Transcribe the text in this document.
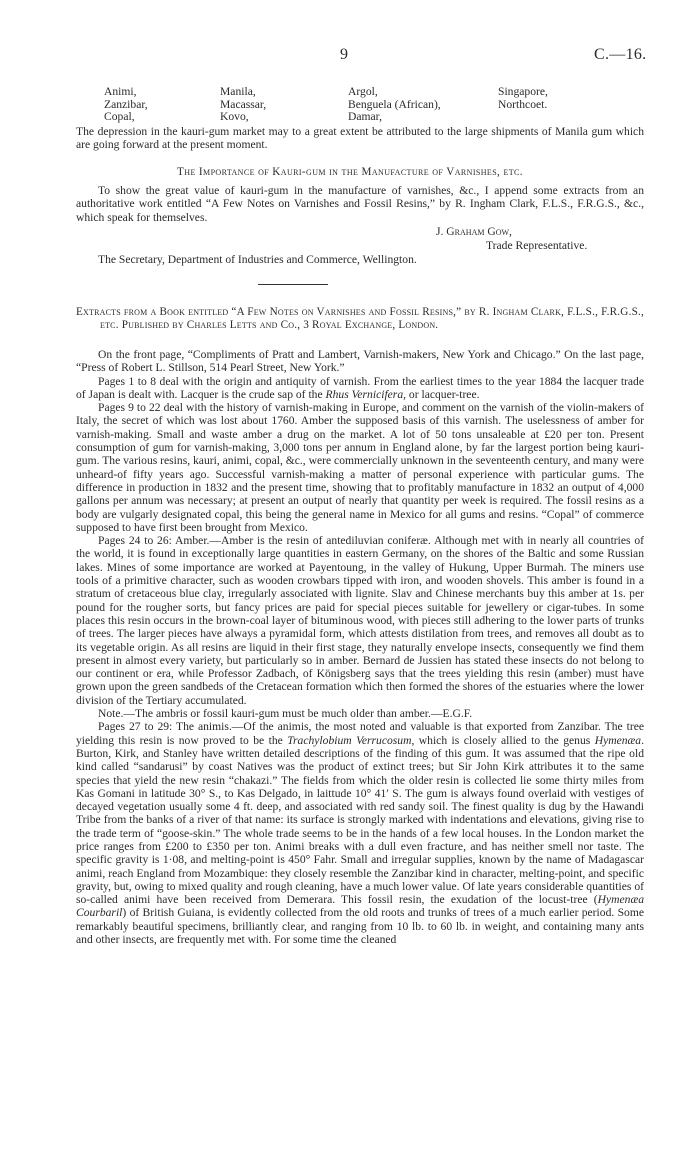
9	C.—16.
Animi,
Zanzibar,
Copal,
Manila,
Macassar,
Kovo,
Argol,
Benguela (African),
Damar,
Singapore,
Northcoet.

The depression in the kauri-gum market may to a great extent be attributed to the large shipments of Manila gum which are going forward at the present moment.

The Importance of Kauri-gum in the Manufacture of Varnishes, etc.

To show the great value of kauri-gum in the manufacture of varnishes, &c., I append some extracts from an authoritative work entitled “A Few Notes on Varnishes and Fossil Resins,” by R. Ingham Clark, F.L.S., F.R.G.S., &c., which speak for themselves.

J. Graham Gow,
Trade Representative.

The Secretary, Department of Industries and Commerce, Wellington.

Extracts from a Book entitled “A Few Notes on Varnishes and Fossil Resins,” by R. Ingham Clark, F.L.S., F.R.G.S., etc. Published by Charles Letts and Co., 3 Royal Exchange, London.

On the front page, “Compliments of Pratt and Lambert, Varnish-makers, New York and Chicago.” On the last page, “Press of Robert L. Stillson, 514 Pearl Street, New York.”

Pages 1 to 8 deal with the origin and antiquity of varnish. From the earliest times to the year 1884 the lacquer trade of Japan is dealt with. Lacquer is the crude sap of the Rhus Vernicifera, or lacquer-tree.

Pages 9 to 22 deal with the history of varnish-making in Europe, and comment on the varnish of the violin-makers of Italy, the secret of which was lost about 1760. Amber the supposed basis of this varnish. The uselessness of amber for varnish-making. Small and waste amber a drug on the market. A lot of 50 tons unsaleable at £20 per ton. Present consumption of gum for varnish-making, 3,000 tons per annum in England alone, by far the largest portion being kauri-gum. The various resins, kauri, animi, copal, &c., were commercially unknown in the seventeenth century, and many were unheard-of fifty years ago. Successful varnish-making a matter of personal experience with particular gums. The difference in production in 1832 and the present time, showing that to profitably manufacture in 1832 an output of 4,000 gallons per annum was necessary; at present an output of nearly that quantity per week is required. The fossil resins as a body are vulgarly designated copal, this being the general name in Mexico for all gums and resins. “Copal” of commerce supposed to have first been brought from Mexico.

Pages 24 to 26: Amber.—Amber is the resin of antediluvian coniferæ. Although met with in nearly all countries of the world, it is found in exceptionally large quantities in eastern Germany, on the shores of the Baltic and some Russian lakes. Mines of some importance are worked at Payentoung, in the valley of Hukung, Upper Burmah. The miners use tools of a primitive character, such as wooden crowbars tipped with iron, and wooden shovels. This amber is found in a stratum of cretaceous blue clay, irregularly associated with lignite. Slav and Chinese merchants buy this amber at 1s. per pound for the rougher sorts, but fancy prices are paid for special pieces suitable for jewellery or cigar-tubes. In some places this resin occurs in the brown-coal layer of bituminous wood, with pieces still adhering to the lower parts of trunks of trees. The larger pieces have always a pyramidal form, which attests distilation from trees, and removes all doubt as to its vegetable origin. As all resins are liquid in their first stage, they naturally envelope insects, consequently we find them present in almost every variety, but particularly so in amber. Bernard de Jussien has stated these insects do not belong to our continent or era, while Professor Zadbach, of Königsberg says that the trees yielding this resin (amber) must have grown upon the green sandbeds of the Cretacean formation which then formed the shores of the estuaries where the lower division of the Tertiary accumulated.

Note.—The ambris or fossil kauri-gum must be much older than amber.—E.G.F.

Pages 27 to 29: The animis.—Of the animis, the most noted and valuable is that exported from Zanzibar. The tree yielding this resin is now proved to be the Trachylobium Verrucosum, which is closely allied to the genus Hymenæa. Burton, Kirk, and Stanley have written detailed descriptions of the finding of this gum. It was assumed that the ripe old kind called “sandarusi” by coast Natives was the product of extinct trees; but Sir John Kirk attributes it to the same species that yield the new resin “chakazi.” The fields from which the older resin is collected lie some thirty miles from Kas Gomani in latitude 30° S., to Kas Delgado, in laittude 10° 41′ S. The gum is always found overlaid with vestiges of decayed vegetation usually some 4 ft. deep, and associated with red sandy soil. The finest quality is dug by the Hawandi Tribe from the banks of a river of that name: its surface is strongly marked with indentations and elevations, giving rise to the trade term of “goose-skin.” The whole trade seems to be in the hands of a few local houses. In the London market the price ranges from £200 to £350 per ton. Animi breaks with a dull even fracture, and has neither smell nor taste. The specific gravity is 1·08, and melting-point is 450° Fahr. Small and irregular supplies, known by the name of Madagascar animi, reach England from Mozambique: they closely resemble the Zanzibar kind in character, melting-point, and specific gravity, but, owing to mixed quality and rough cleaning, have a much lower value. Of late years considerable quantities of so-called animi have been received from Demerara. This fossil resin, the exudation of the locust-tree (Hymenæa Courbaril) of British Guiana, is evidently collected from the old roots and trunks of trees of a much earlier period. Some remarkably beautiful specimens, brilliantly clear, and ranging from 10 lb. to 60 lb. in weight, and containing many ants and other insects, are frequently met with. For some time the cleaned
